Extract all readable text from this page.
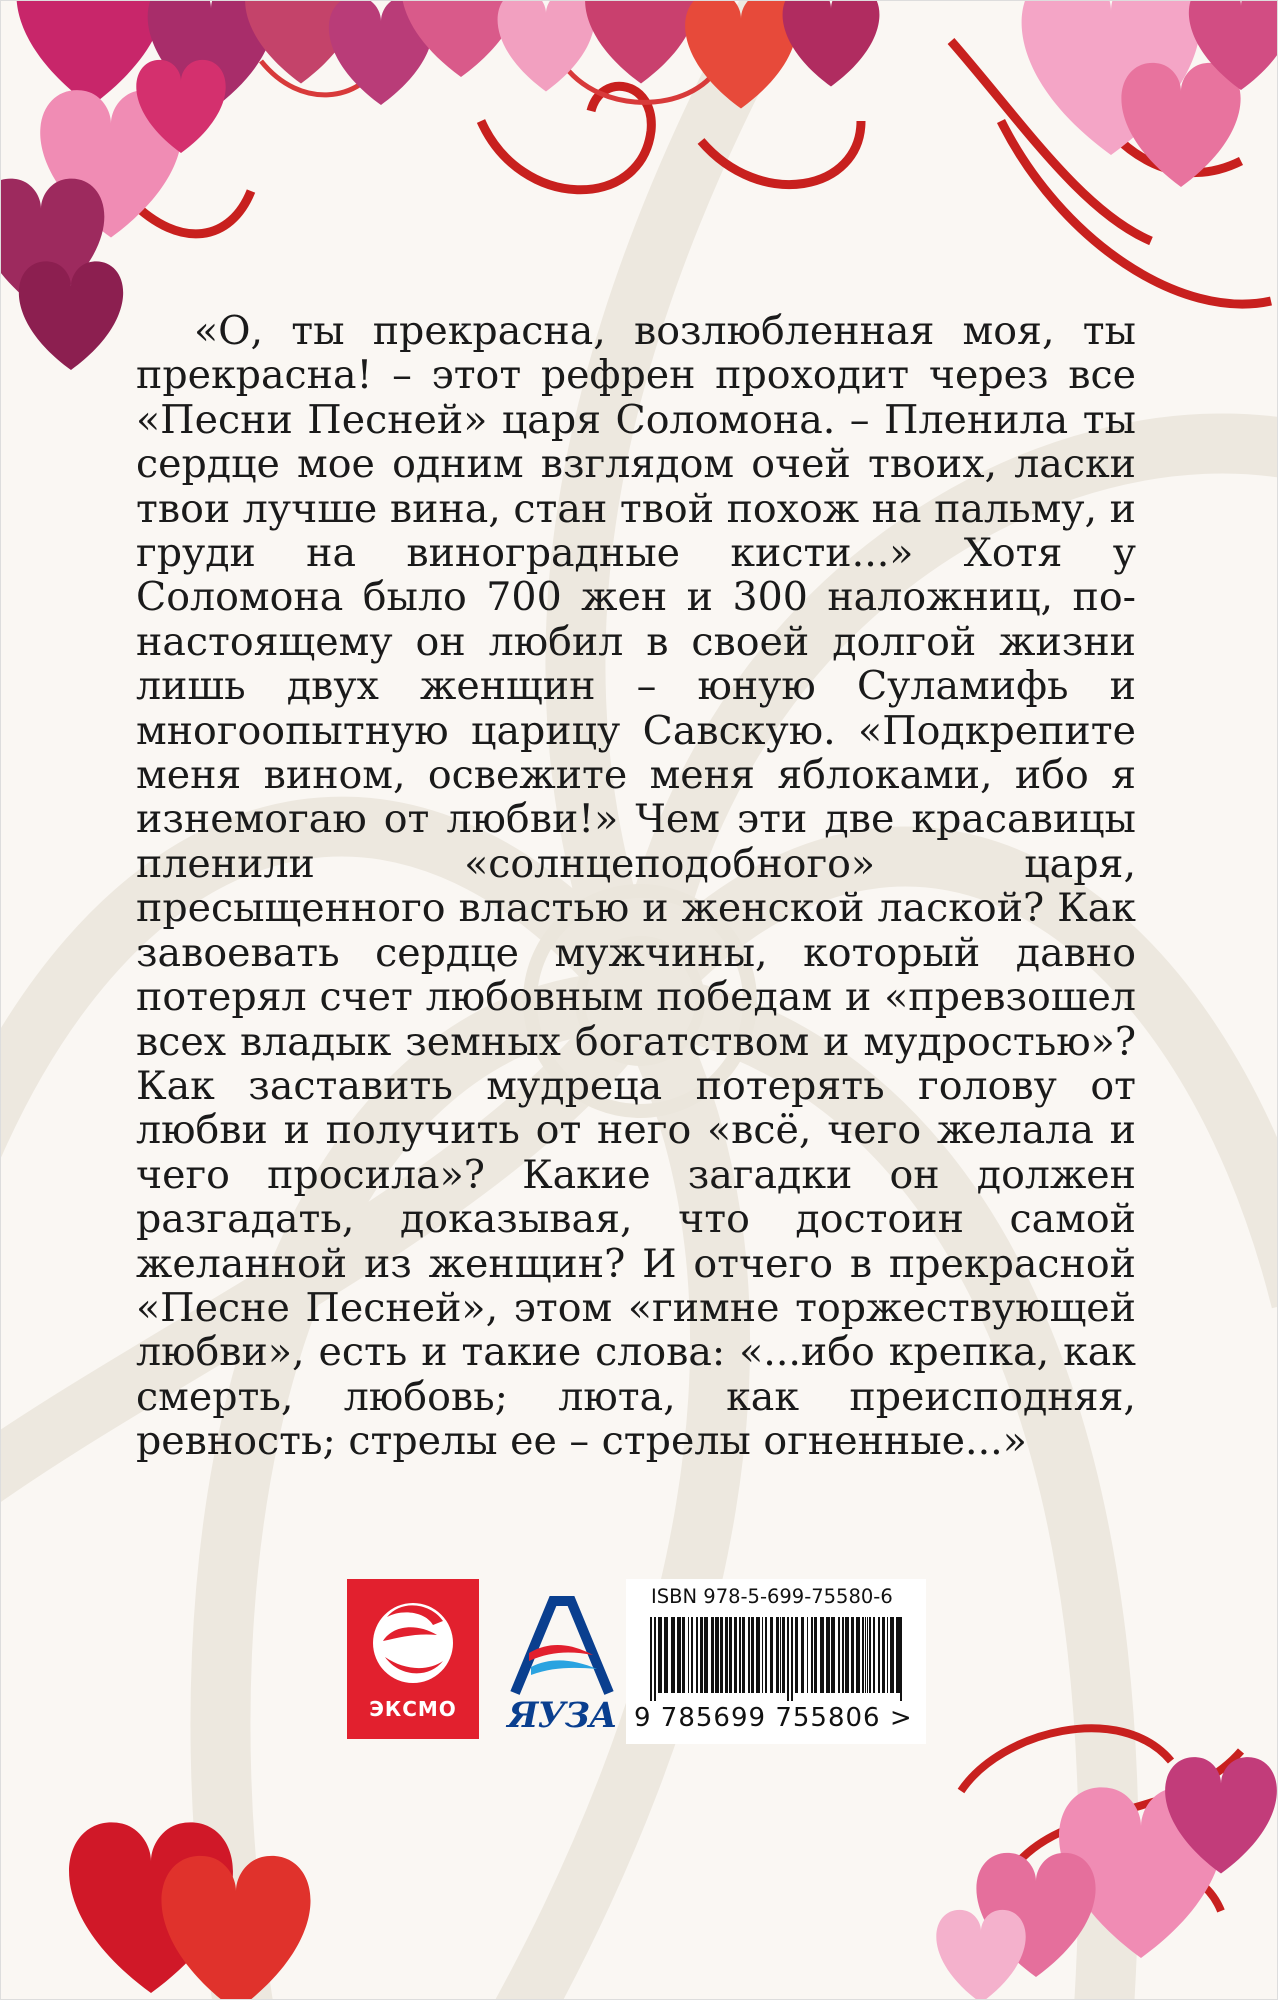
«О, ты прекрасна, возлюбленная моя, ты прекрасна! – этот рефрен проходит через все «Песни Песней» царя Соломона. – Пленила ты сердце мое одним взглядом очей твоих, ласки твои лучше вина, стан твой похож на пальму, и груди на виноградные кисти...» Хотя у Соломона было 700 жен и 300 наложниц, по-настоящему он любил в своей долгой жизни лишь двух женщин – юную Суламифь и многоопытную царицу Савскую. «Подкрепите меня вином, освежите меня яблоками, ибо я изнемогаю от любви!» Чем эти две красавицы пленили «солнцеподобного» царя, пресыщенного властью и женской лаской? Как завоевать сердце мужчины, который давно потерял счет любовным победам и «превзошел всех владык земных богатством и мудростью»? Как заставить мудреца потерять голову от любви и получить от него «всё, чего желала и чего просила»? Какие загадки он должен разгадать, доказывая, что достоин самой желанной из женщин? И отчего в прекрасной «Песне Песней», этом «гимне торжествующей любви», есть и такие слова: «...ибо крепка, как смерть, любовь; люта, как преисподняя, ревность; стрелы ее – стрелы огненные...»

ЭКСМО	ЯУЗА
ISBN 978-5-699-75580-6
9 785699 755806 >
